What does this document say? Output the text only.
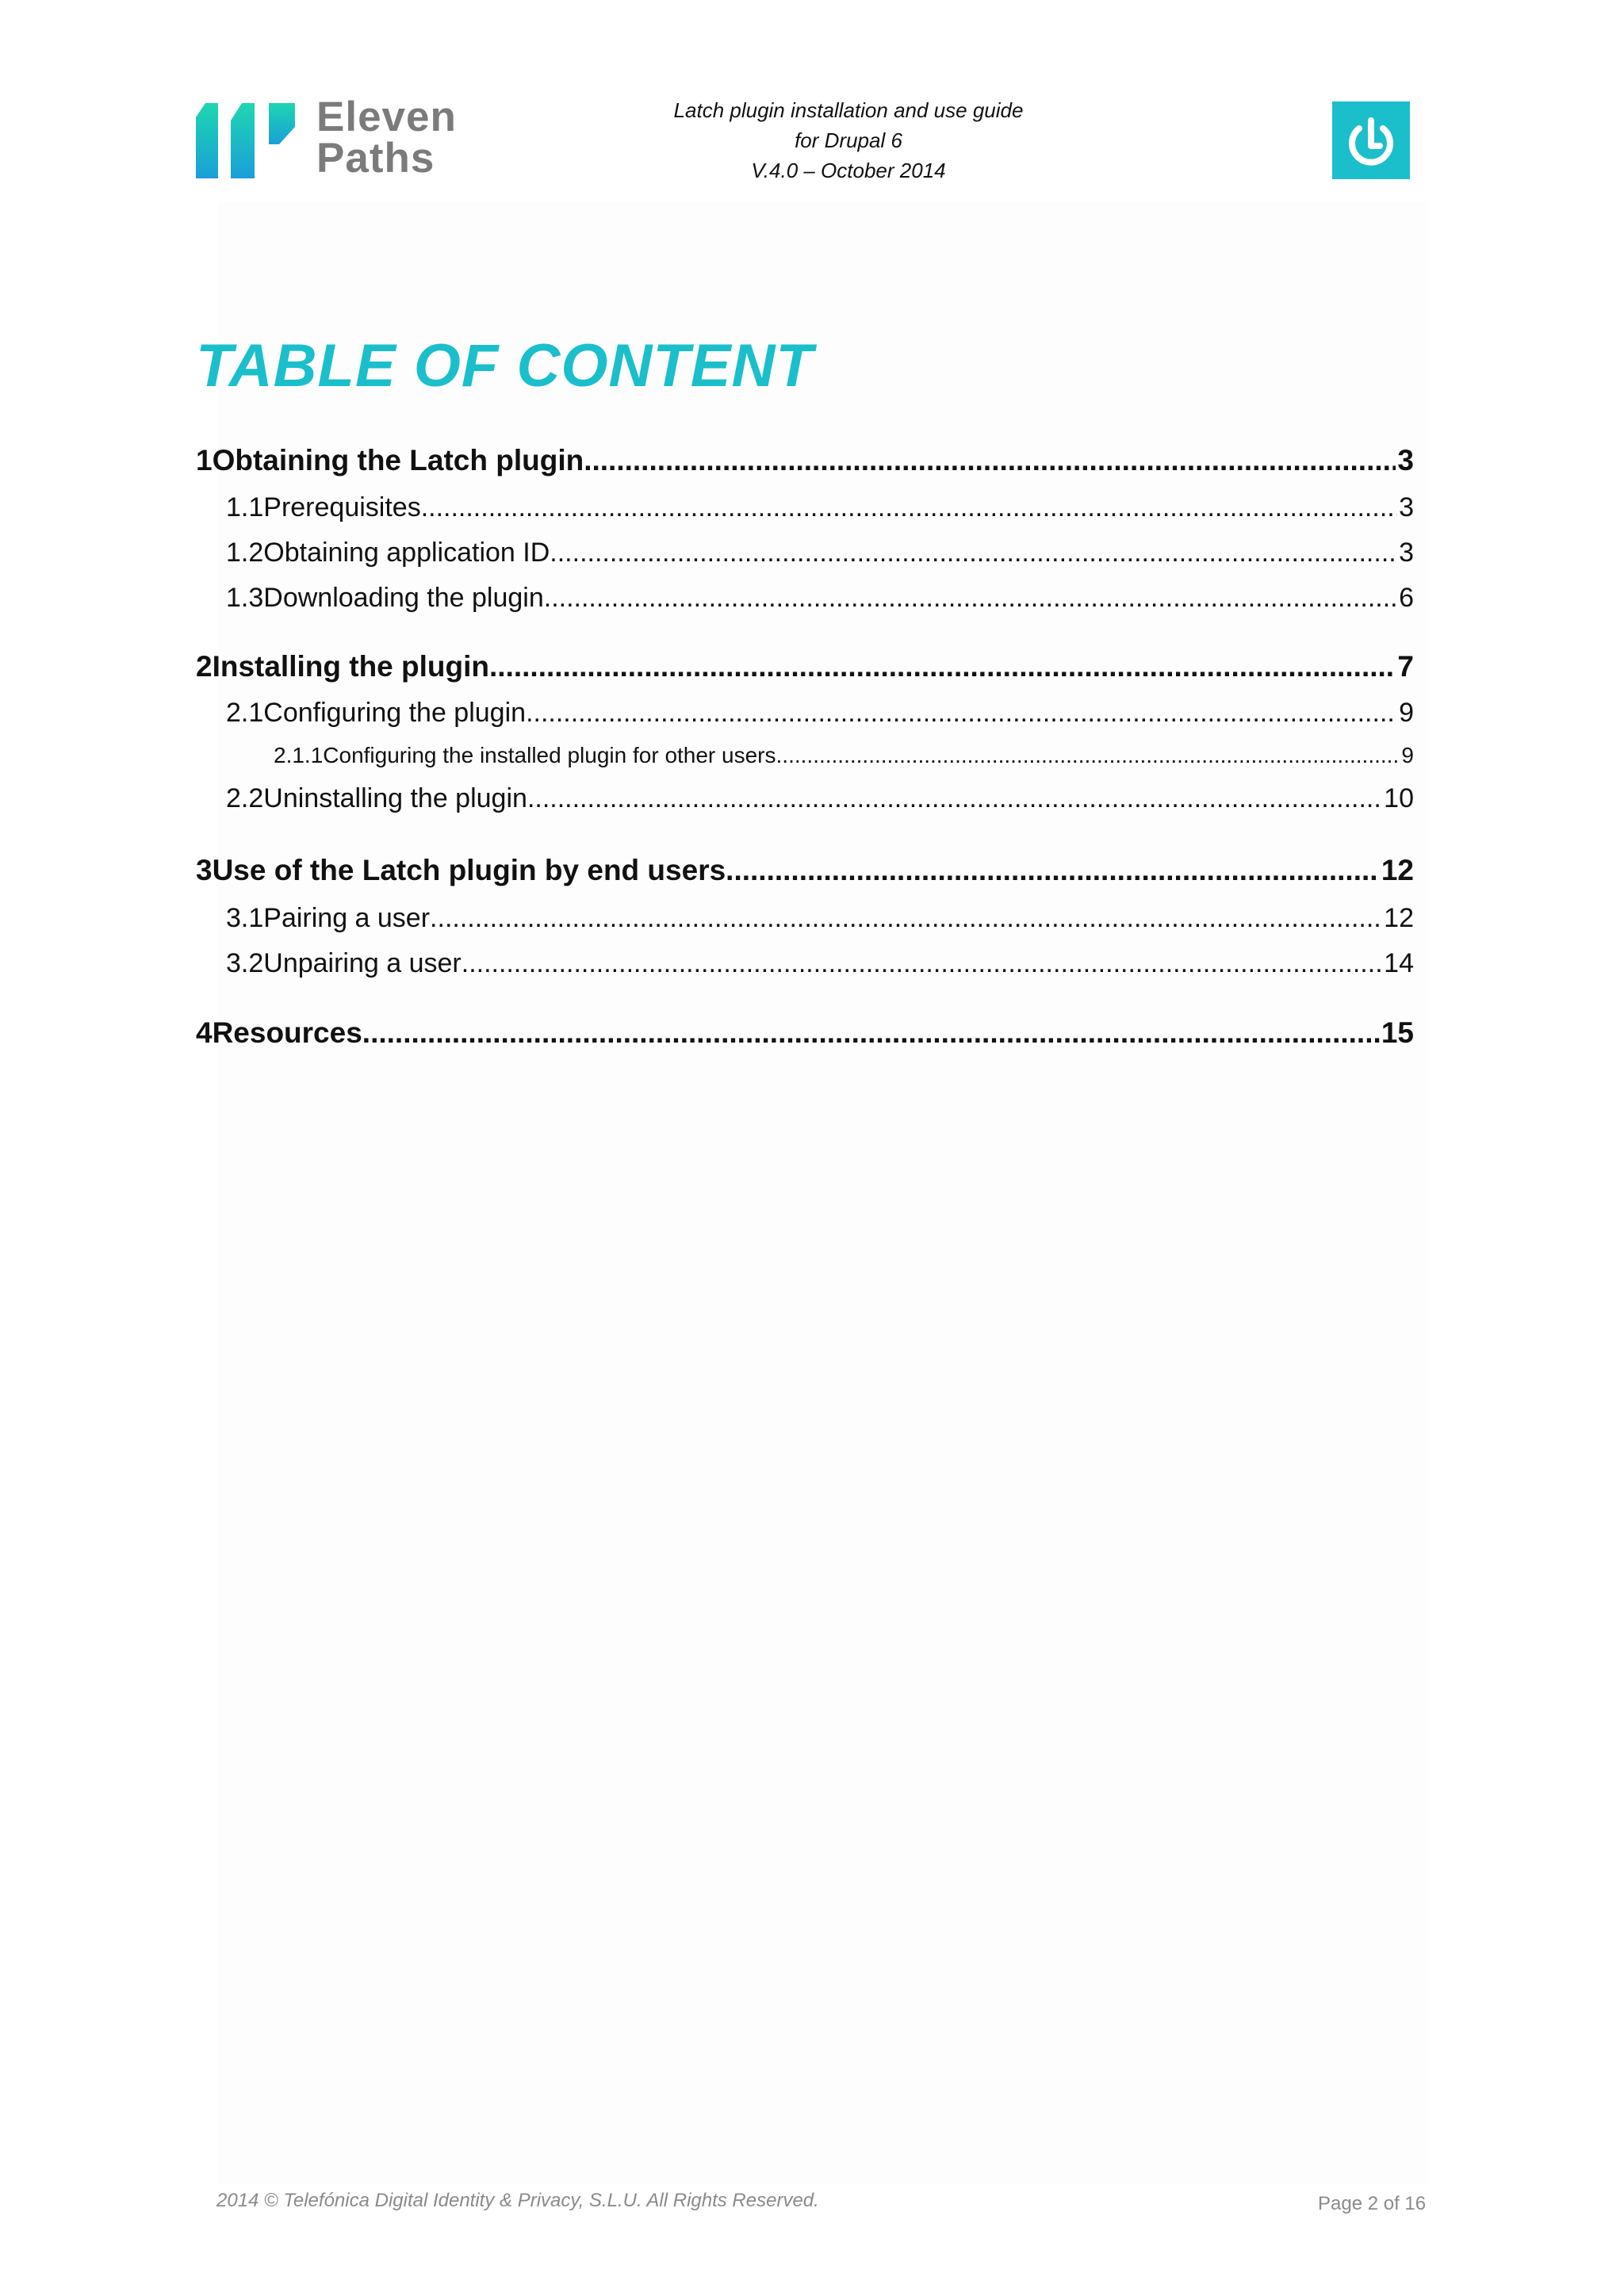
Eleven
Paths
Latch plugin installation and use guide
for Drupal 6
V.4.0 – October 2014
TABLE OF CONTENT
1 Obtaining the Latch plugin .....	3
1.1 Prerequisites .....	3
1.2 Obtaining application ID .....	3
1.3 Downloading the plugin .....	6
2 Installing the plugin .....	7
2.1 Configuring the plugin .....	9
2.1.1 Configuring the installed plugin for other users .....	9
2.2 Uninstalling the plugin .....	10
3 Use of the Latch plugin by end users .....	12
3.1 Pairing a user .....	12
3.2 Unpairing a user .....	14
4 Resources .....	15
2014 © Telefónica Digital Identity & Privacy, S.L.U. All Rights Reserved.	Page 2 of 16
